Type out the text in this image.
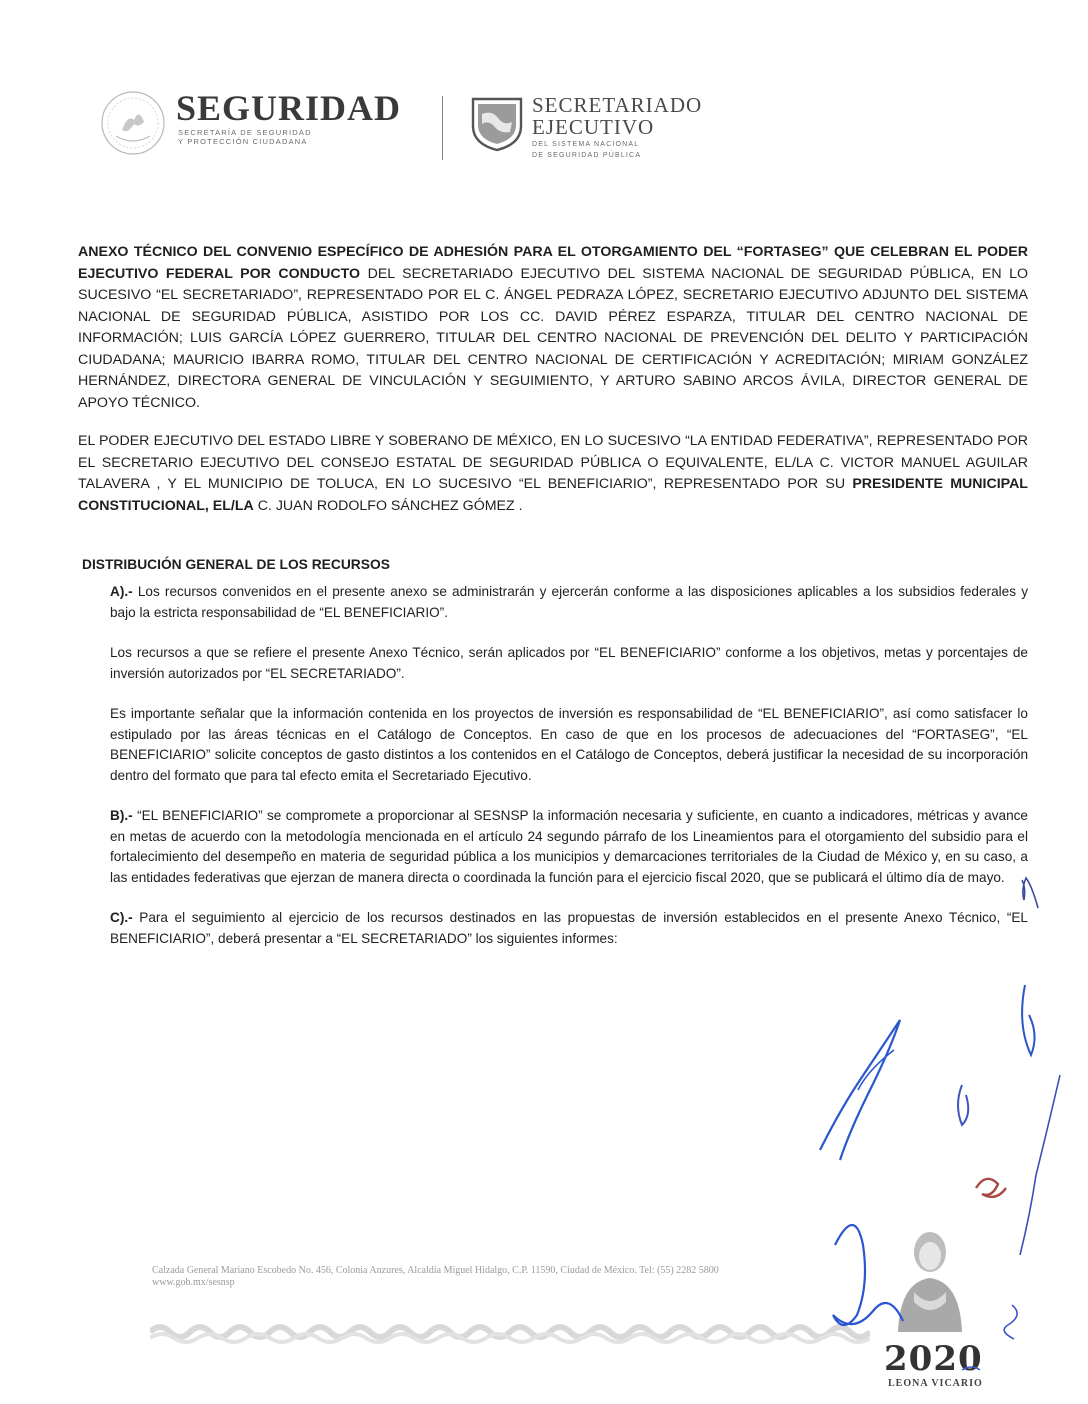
SEGURIDAD
SECRETARÍA DE SEGURIDAD
Y PROTECCIÓN CIUDADANA
SECRETARIADO
EJECUTIVO
DEL SISTEMA NACIONAL
DE SEGURIDAD PÚBLICA

ANEXO TÉCNICO DEL CONVENIO ESPECÍFICO DE ADHESIÓN PARA EL OTORGAMIENTO DEL “FORTASEG” QUE CELEBRAN EL PODER EJECUTIVO FEDERAL POR CONDUCTO DEL SECRETARIADO EJECUTIVO DEL SISTEMA NACIONAL DE SEGURIDAD PÚBLICA, EN LO SUCESIVO “EL SECRETARIADO”, REPRESENTADO POR EL C. ÁNGEL PEDRAZA LÓPEZ, SECRETARIO EJECUTIVO ADJUNTO DEL SISTEMA NACIONAL DE SEGURIDAD PÚBLICA, ASISTIDO POR LOS CC. DAVID PÉREZ ESPARZA, TITULAR DEL CENTRO NACIONAL DE INFORMACIÓN; LUIS GARCÍA LÓPEZ GUERRERO, TITULAR DEL CENTRO NACIONAL DE PREVENCIÓN DEL DELITO Y PARTICIPACIÓN CIUDADANA; MAURICIO IBARRA ROMO, TITULAR DEL CENTRO NACIONAL DE CERTIFICACIÓN Y ACREDITACIÓN; MIRIAM GONZÁLEZ HERNÁNDEZ, DIRECTORA GENERAL DE VINCULACIÓN Y SEGUIMIENTO, Y ARTURO SABINO ARCOS ÁVILA, DIRECTOR GENERAL DE APOYO TÉCNICO.

EL PODER EJECUTIVO DEL ESTADO LIBRE Y SOBERANO DE MÉXICO, EN LO SUCESIVO “LA ENTIDAD FEDERATIVA”, REPRESENTADO POR EL SECRETARIO EJECUTIVO DEL CONSEJO ESTATAL DE SEGURIDAD PÚBLICA O EQUIVALENTE, EL/LA C. VICTOR MANUEL AGUILAR TALAVERA , Y EL MUNICIPIO DE TOLUCA, EN LO SUCESIVO “EL BENEFICIARIO”, REPRESENTADO POR SU PRESIDENTE MUNICIPAL CONSTITUCIONAL, EL/LA C. JUAN RODOLFO SÁNCHEZ GÓMEZ .

DISTRIBUCIÓN GENERAL DE LOS RECURSOS

A).- Los recursos convenidos en el presente anexo se administrarán y ejercerán conforme a las disposiciones aplicables a los subsidios federales y bajo la estricta responsabilidad de “EL BENEFICIARIO”.

Los recursos a que se refiere el presente Anexo Técnico, serán aplicados por “EL BENEFICIARIO” conforme a los objetivos, metas y porcentajes de inversión autorizados por “EL SECRETARIADO”.

Es importante señalar que la información contenida en los proyectos de inversión es responsabilidad de “EL BENEFICIARIO”, así como satisfacer lo estipulado por las áreas técnicas en el Catálogo de Conceptos. En caso de que en los procesos de adecuaciones del “FORTASEG”, “EL BENEFICIARIO” solicite conceptos de gasto distintos a los contenidos en el Catálogo de Conceptos, deberá justificar la necesidad de su incorporación dentro del formato que para tal efecto emita el Secretariado Ejecutivo.

B).- “EL BENEFICIARIO” se compromete a proporcionar al SESNSP la información necesaria y suficiente, en cuanto a indicadores, métricas y avance en metas de acuerdo con la metodología mencionada en el artículo 24 segundo párrafo de los Lineamientos para el otorgamiento del subsidio para el fortalecimiento del desempeño en materia de seguridad pública a los municipios y demarcaciones territoriales de la Ciudad de México y, en su caso, a las entidades federativas que ejerzan de manera directa o coordinada la función para el ejercicio fiscal 2020, que se publicará el último día de mayo.

C).- Para el seguimiento al ejercicio de los recursos destinados en las propuestas de inversión establecidos en el presente Anexo Técnico, “EL BENEFICIARIO”, deberá presentar a “EL SECRETARIADO” los siguientes informes:

Calzada General Mariano Escobedo No. 456, Colonia Anzures, Alcaldía Miguel Hidalgo, C.P. 11590, Ciudad de México. Tel: (55) 2282 5800
www.gob.mx/sesnsp
2020
LEONA VICARIO
